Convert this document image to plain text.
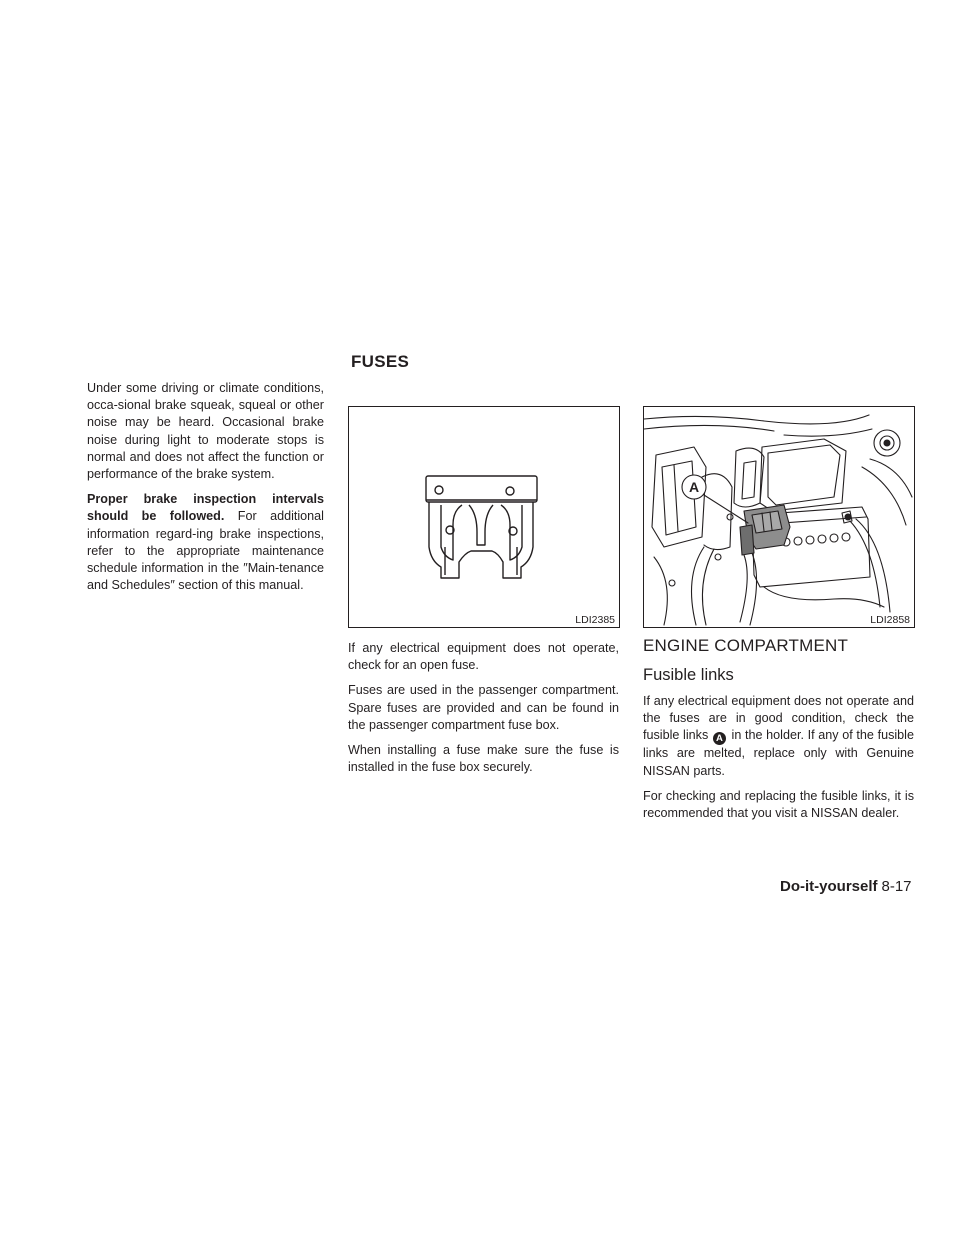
FUSES

Under some driving or climate conditions, occa-sional brake squeak, squeal or other noise may be heard. Occasional brake noise during light to moderate stops is normal and does not affect the function or performance of the brake system.

Proper brake inspection intervals should be followed. For additional information regard-ing brake inspections, refer to the appropriate maintenance schedule information in the ″Main-tenance and Schedules″ section of this manual.

LDI2385
A
LDI2858

If any electrical equipment does not operate, check for an open fuse.

Fuses are used in the passenger compartment. Spare fuses are provided and can be found in the passenger compartment fuse box.

When installing a fuse make sure the fuse is installed in the fuse box securely.

ENGINE COMPARTMENT
Fusible links

If any electrical equipment does not operate and the fuses are in good condition, check the fusible links A in the holder. If any of the fusible links are melted, replace only with Genuine NISSAN parts.

For checking and replacing the fusible links, it is recommended that you visit a NISSAN dealer.

Do-it-yourself 8-17
